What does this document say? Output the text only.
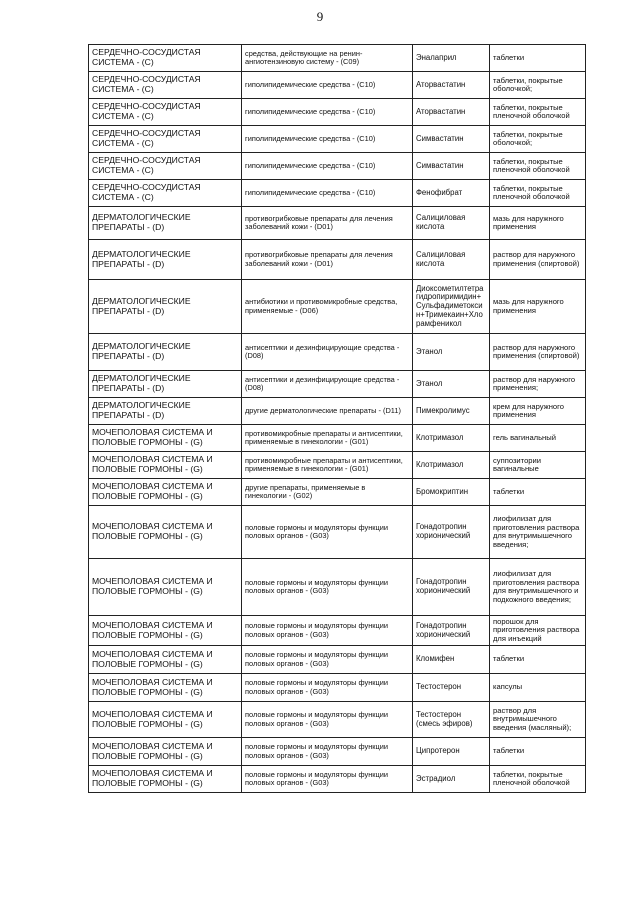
9
СЕРДЕЧНО-СОСУДИСТАЯ СИСТЕМА - (C)	средства, действующие на ренин-ангиотензиновую систему - (C09)	Эналаприл	таблетки
СЕРДЕЧНО-СОСУДИСТАЯ СИСТЕМА - (C)	гиполипидемические средства - (C10)	Аторвастатин	таблетки, покрытые оболочкой;
СЕРДЕЧНО-СОСУДИСТАЯ СИСТЕМА - (C)	гиполипидемические средства - (C10)	Аторвастатин	таблетки, покрытые пленочной оболочкой
СЕРДЕЧНО-СОСУДИСТАЯ СИСТЕМА - (C)	гиполипидемические средства - (C10)	Симвастатин	таблетки, покрытые оболочкой;
СЕРДЕЧНО-СОСУДИСТАЯ СИСТЕМА - (C)	гиполипидемические средства - (C10)	Симвастатин	таблетки, покрытые пленочной оболочкой
СЕРДЕЧНО-СОСУДИСТАЯ СИСТЕМА - (C)	гиполипидемические средства - (C10)	Фенофибрат	таблетки, покрытые пленочной оболочкой
ДЕРМАТОЛОГИЧЕСКИЕ ПРЕПАРАТЫ - (D)	противогрибковые препараты для лечения заболеваний кожи - (D01)	Салициловая кислота	мазь для наружного применения
ДЕРМАТОЛОГИЧЕСКИЕ ПРЕПАРАТЫ - (D)	противогрибковые препараты для лечения заболеваний кожи - (D01)	Салициловая кислота	раствор для наружного применения (спиртовой)
ДЕРМАТОЛОГИЧЕСКИЕ ПРЕПАРАТЫ - (D)	антибиотики и противомикробные средства, применяемые - (D06)	Диоксометилтетрагидропиримидин+Сульфадиметоксин+Тримекаин+Хлорамфеникол	мазь для наружного применения
ДЕРМАТОЛОГИЧЕСКИЕ ПРЕПАРАТЫ - (D)	антисептики и дезинфицирующие средства - (D08)	Этанол	раствор для наружного применения (спиртовой)
ДЕРМАТОЛОГИЧЕСКИЕ ПРЕПАРАТЫ - (D)	антисептики и дезинфицирующие средства - (D08)	Этанол	раствор для наружного применения;
ДЕРМАТОЛОГИЧЕСКИЕ ПРЕПАРАТЫ - (D)	другие дерматологические препараты - (D11)	Пимекролимус	крем для наружного применения
МОЧЕПОЛОВАЯ СИСТЕМА И ПОЛОВЫЕ ГОРМОНЫ - (G)	противомикробные препараты и антисептики, применяемые в гинекологии - (G01)	Клотримазол	гель вагинальный
МОЧЕПОЛОВАЯ СИСТЕМА И ПОЛОВЫЕ ГОРМОНЫ - (G)	противомикробные препараты и антисептики, применяемые в гинекологии - (G01)	Клотримазол	суппозитории вагинальные
МОЧЕПОЛОВАЯ СИСТЕМА И ПОЛОВЫЕ ГОРМОНЫ - (G)	другие препараты, применяемые в гинекологии - (G02)	Бромокриптин	таблетки
МОЧЕПОЛОВАЯ СИСТЕМА И ПОЛОВЫЕ ГОРМОНЫ - (G)	половые гормоны и модуляторы функции половых органов - (G03)	Гонадотропин хорионический	лиофилизат для приготовления раствора для внутримышечного введения;
МОЧЕПОЛОВАЯ СИСТЕМА И ПОЛОВЫЕ ГОРМОНЫ - (G)	половые гормоны и модуляторы функции половых органов - (G03)	Гонадотропин хорионический	лиофилизат для приготовления раствора для внутримышечного и подкожного введения;
МОЧЕПОЛОВАЯ СИСТЕМА И ПОЛОВЫЕ ГОРМОНЫ - (G)	половые гормоны и модуляторы функции половых органов - (G03)	Гонадотропин хорионический	порошок для приготовления раствора для инъекций
МОЧЕПОЛОВАЯ СИСТЕМА И ПОЛОВЫЕ ГОРМОНЫ - (G)	половые гормоны и модуляторы функции половых органов - (G03)	Кломифен	таблетки
МОЧЕПОЛОВАЯ СИСТЕМА И ПОЛОВЫЕ ГОРМОНЫ - (G)	половые гормоны и модуляторы функции половых органов - (G03)	Тестостерон	капсулы
МОЧЕПОЛОВАЯ СИСТЕМА И ПОЛОВЫЕ ГОРМОНЫ - (G)	половые гормоны и модуляторы функции половых органов - (G03)	Тестостерон (смесь эфиров)	раствор для внутримышечного введения (масляный);
МОЧЕПОЛОВАЯ СИСТЕМА И ПОЛОВЫЕ ГОРМОНЫ - (G)	половые гормоны и модуляторы функции половых органов - (G03)	Ципротерон	таблетки
МОЧЕПОЛОВАЯ СИСТЕМА И ПОЛОВЫЕ ГОРМОНЫ - (G)	половые гормоны и модуляторы функции половых органов - (G03)	Эстрадиол	таблетки, покрытые пленочной оболочкой
